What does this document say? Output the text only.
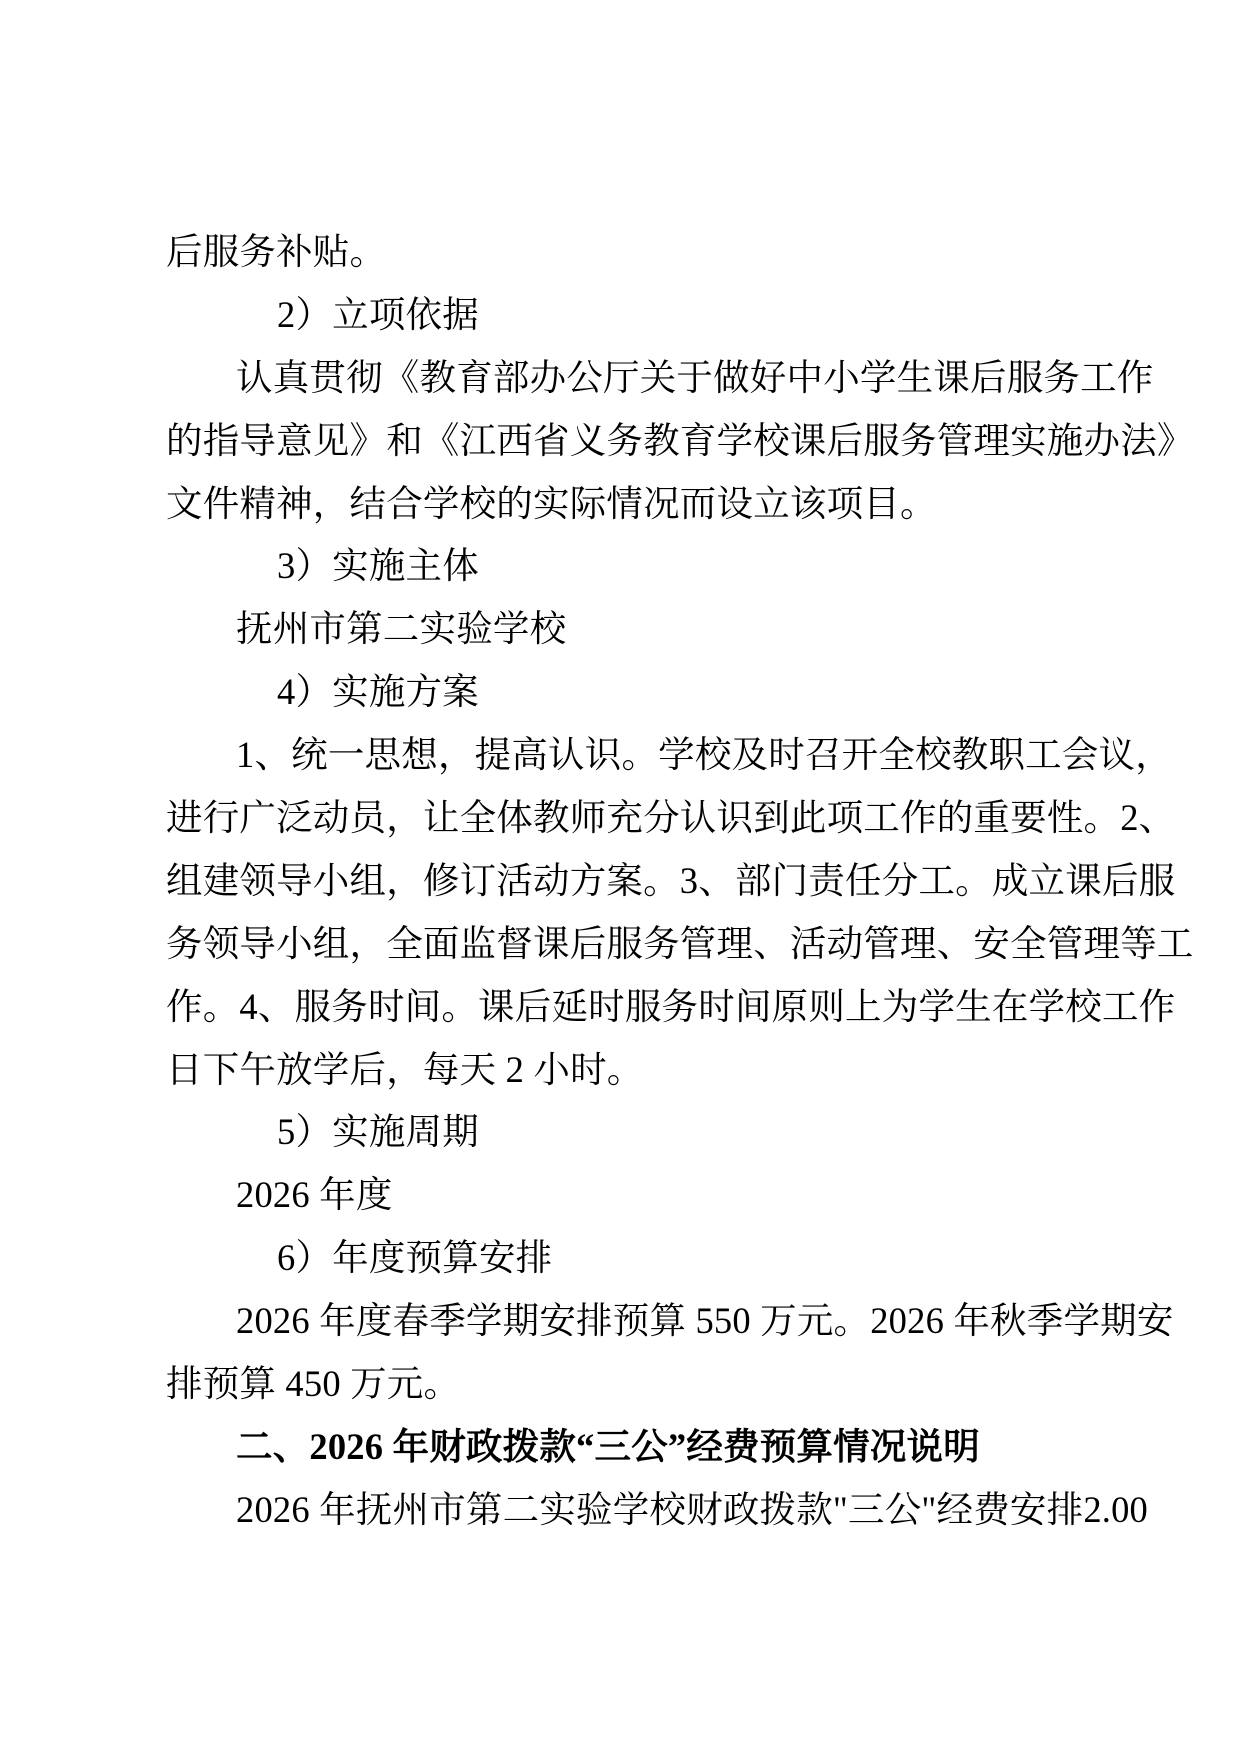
后服务补贴。
2）立项依据
认真贯彻《教育部办公厅关于做好中小学生课后服务工作
的指导意见》和《江西省义务教育学校课后服务管理实施办法》
文件精神，结合学校的实际情况而设立该项目。
3）实施主体
抚州市第二实验学校
4）实施方案
1、统一思想，提高认识。学校及时召开全校教职工会议，
进行广泛动员，让全体教师充分认识到此项工作的重要性。2、
组建领导小组，修订活动方案。3、部门责任分工。成立课后服
务领导小组，全面监督课后服务管理、活动管理、安全管理等工
作。4、服务时间。课后延时服务时间原则上为学生在学校工作
日下午放学后，每天 2 小时。
5）实施周期
2026 年度
6）年度预算安排
2026 年度春季学期安排预算 550 万元。2026 年秋季学期安
排预算 450 万元。
二、2026 年财政拨款“三公”经费预算情况说明
2026 年抚州市第二实验学校财政拨款"三公"经费安排2.00
